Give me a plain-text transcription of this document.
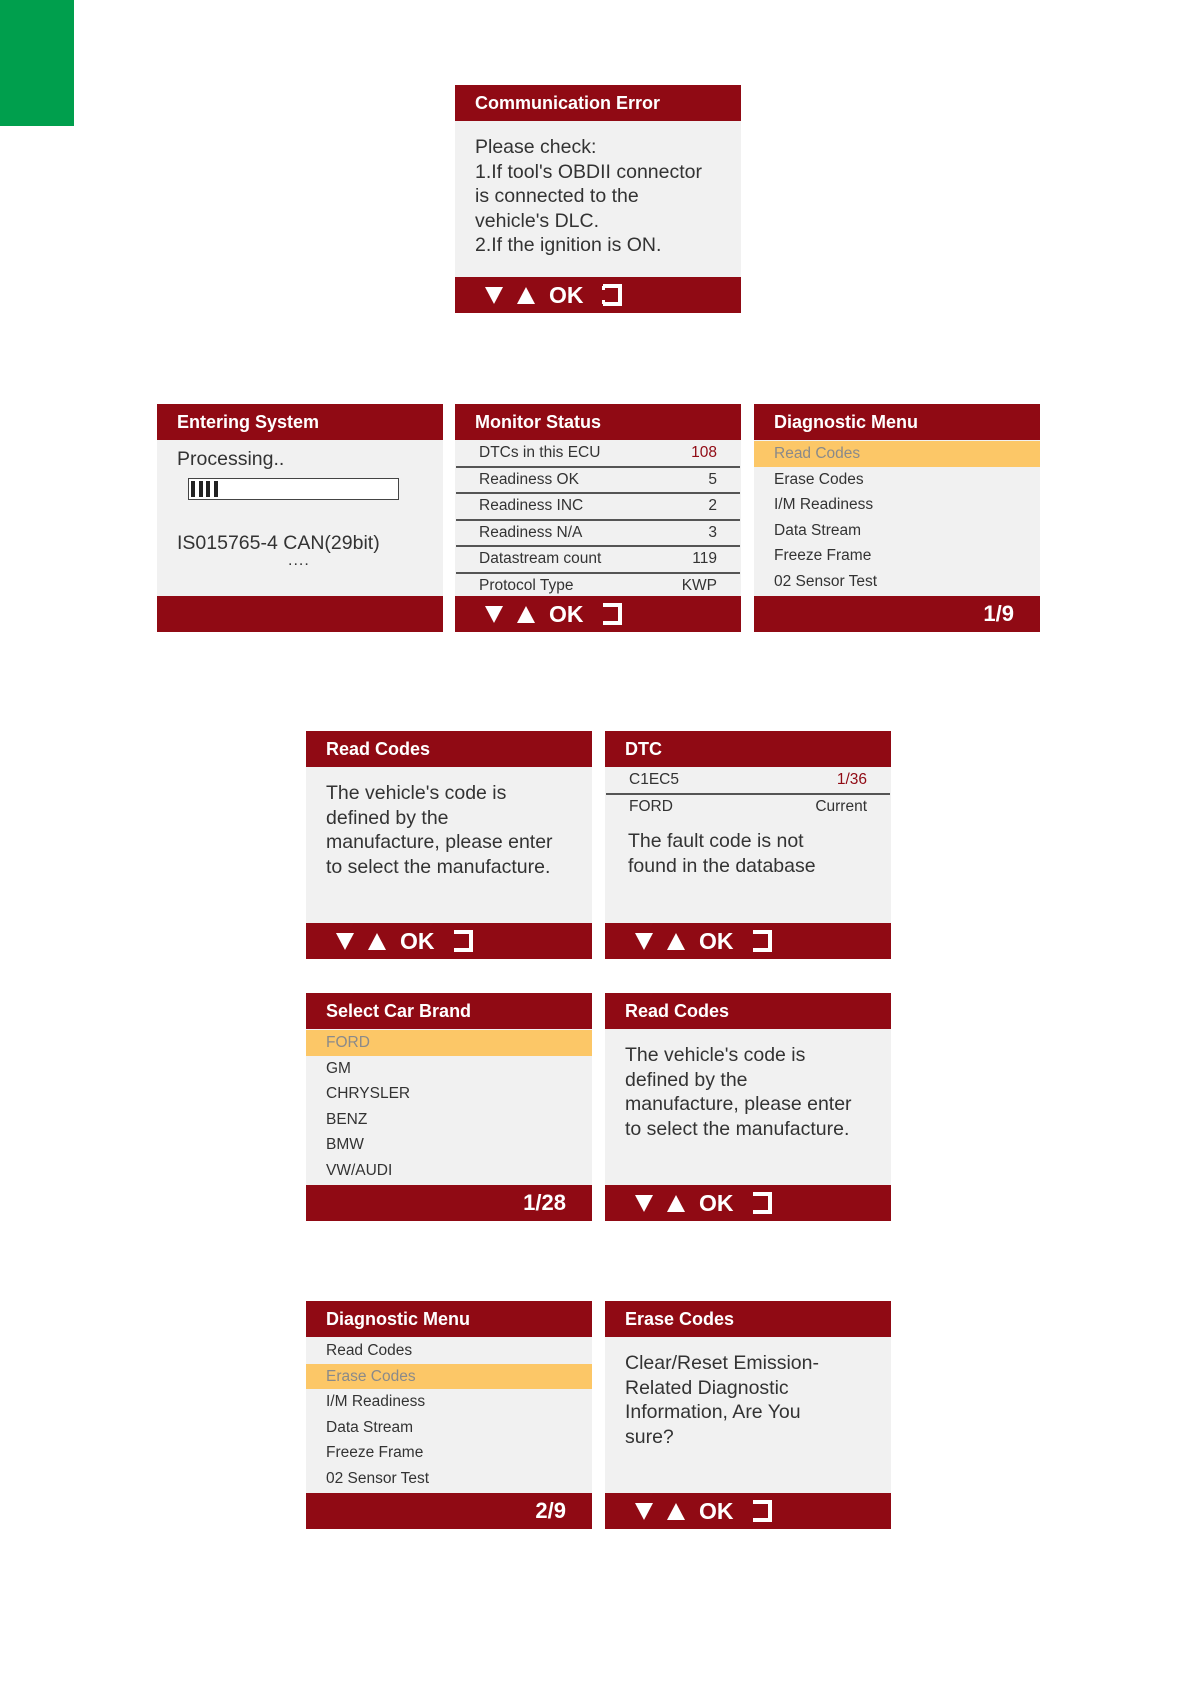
Communication Error
Please check:
1.If tool's OBDII connector
is connected to the
vehicle's DLC.
2.If the ignition is ON.
OK
Entering System
Processing..
IS015765-4 CAN(29bit)
....
Monitor Status
DTCs in this ECU	108
Readiness OK	5
Readiness INC	2
Readiness N/A	3
Datastream count	119
Protocol Type	KWP
OK
Diagnostic Menu
Read Codes
Erase Codes
I/M Readiness
Data Stream
Freeze Frame
02 Sensor Test
1/9
Read Codes
The vehicle's code is
defined by the
manufacture, please enter
to select the manufacture.
OK
DTC
C1EC5	1/36
FORD	Current
The fault code is not
found in the database
OK
Select Car Brand
FORD
GM
CHRYSLER
BENZ
BMW
VW/AUDI
1/28
Read Codes
The vehicle's code is
defined by the
manufacture, please enter
to select the manufacture.
OK
Diagnostic Menu
Read Codes
Erase Codes
I/M Readiness
Data Stream
Freeze Frame
02 Sensor Test
2/9
Erase Codes
Clear/Reset Emission-
Related Diagnostic
Information, Are You
sure?
OK
